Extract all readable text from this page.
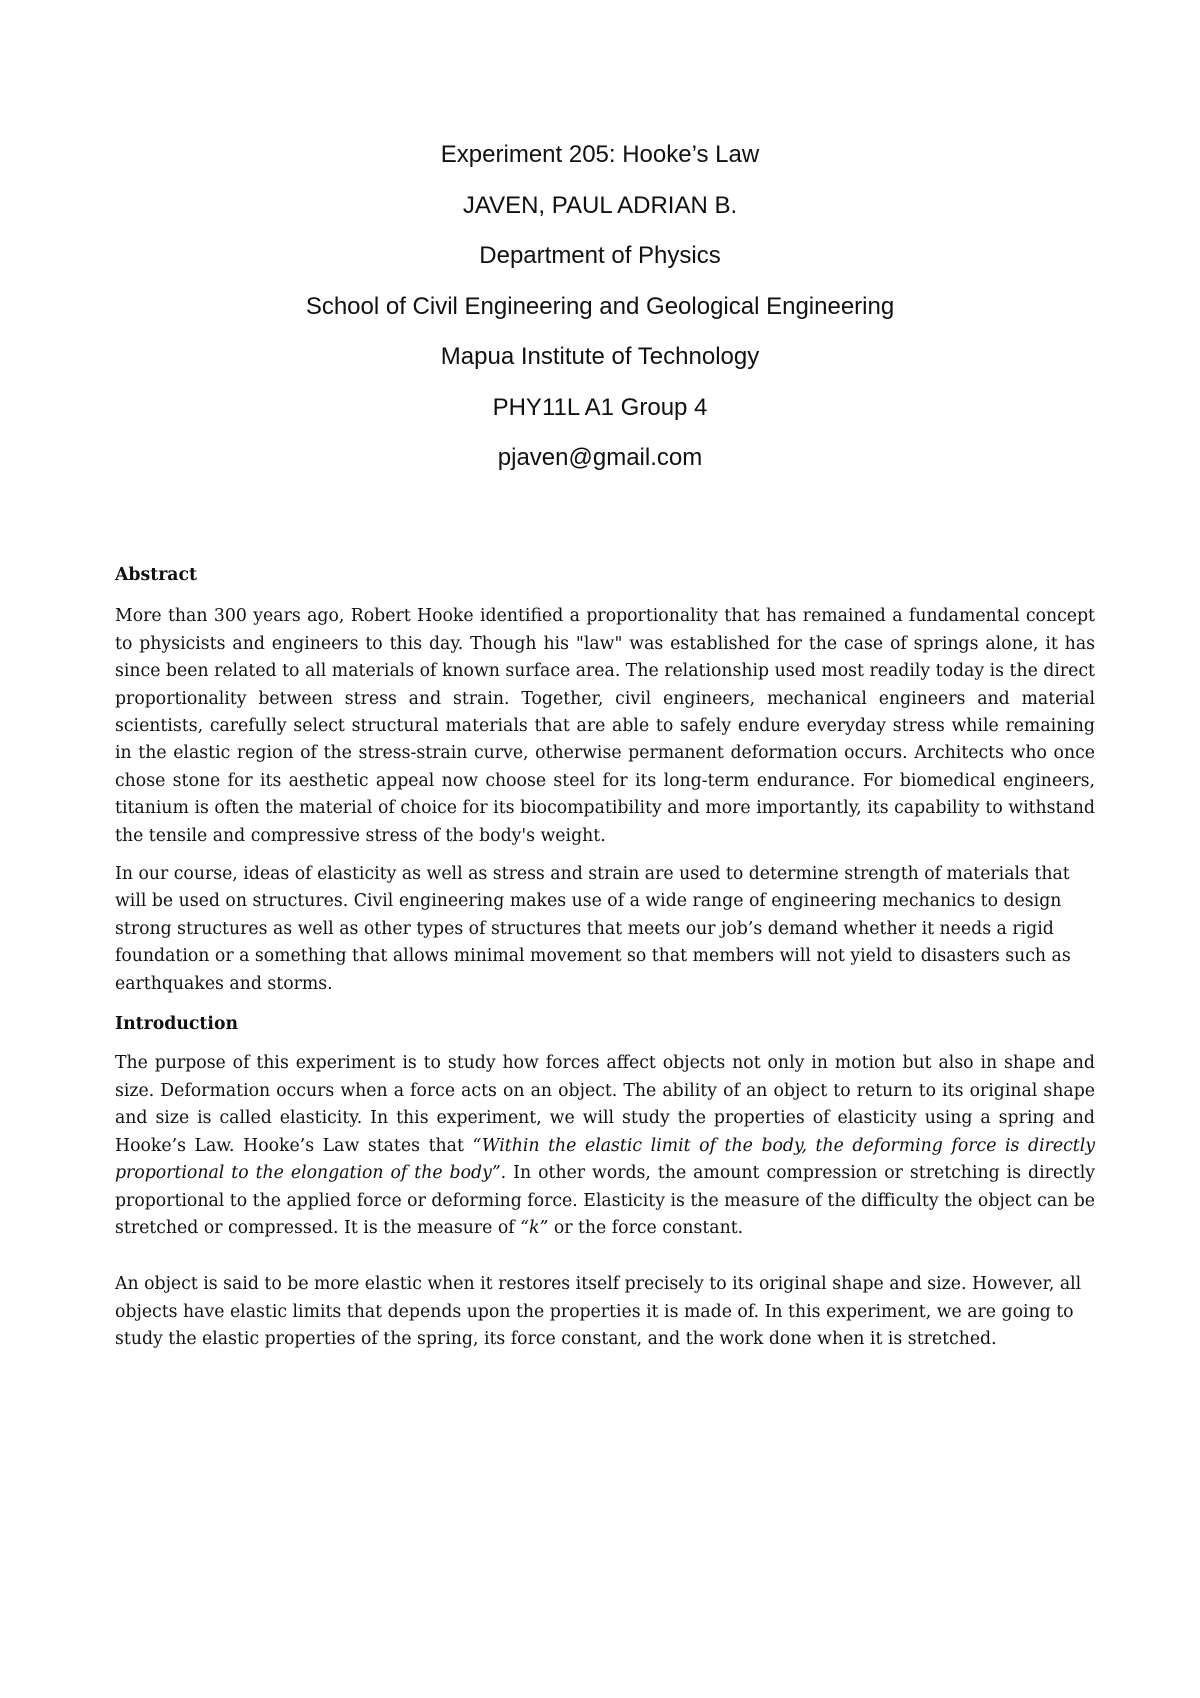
Experiment 205: Hooke’s Law
JAVEN, PAUL ADRIAN B.
Department of Physics
School of Civil Engineering and Geological Engineering
Mapua Institute of Technology
PHY11L A1 Group 4
pjaven@gmail.com

Abstract

More than 300 years ago, Robert Hooke identified a proportionality that has remained a fundamental concept to physicists and engineers to this day. Though his "law" was established for the case of springs alone, it has since been related to all materials of known surface area. The relationship used most readily today is the direct proportionality between stress and strain. Together, civil engineers, mechanical engineers and material scientists, carefully select structural materials that are able to safely endure everyday stress while remaining in the elastic region of the stress-strain curve, otherwise permanent deformation occurs. Architects who once chose stone for its aesthetic appeal now choose steel for its long-term endurance. For biomedical engineers, titanium is often the material of choice for its biocompatibility and more importantly, its capability to withstand the tensile and compressive stress of the body's weight.

In our course, ideas of elasticity as well as stress and strain are used to determine strength of materials that will be used on structures. Civil engineering makes use of a wide range of engineering mechanics to design strong structures as well as other types of structures that meets our job’s demand whether it needs a rigid foundation or a something that allows minimal movement so that members will not yield to disasters such as earthquakes and storms.

Introduction

The purpose of this experiment is to study how forces affect objects not only in motion but also in shape and size. Deformation occurs when a force acts on an object. The ability of an object to return to its original shape and size is called elasticity. In this experiment, we will study the properties of elasticity using a spring and Hooke’s Law. Hooke’s Law states that “Within the elastic limit of the body, the deforming force is directly proportional to the elongation of the body”. In other words, the amount compression or stretching is directly proportional to the applied force or deforming force. Elasticity is the measure of the difficulty the object can be stretched or compressed. It is the measure of “k” or the force constant.

An object is said to be more elastic when it restores itself precisely to its original shape and size. However, all objects have elastic limits that depends upon the properties it is made of. In this experiment, we are going to study the elastic properties of the spring, its force constant, and the work done when it is stretched.
